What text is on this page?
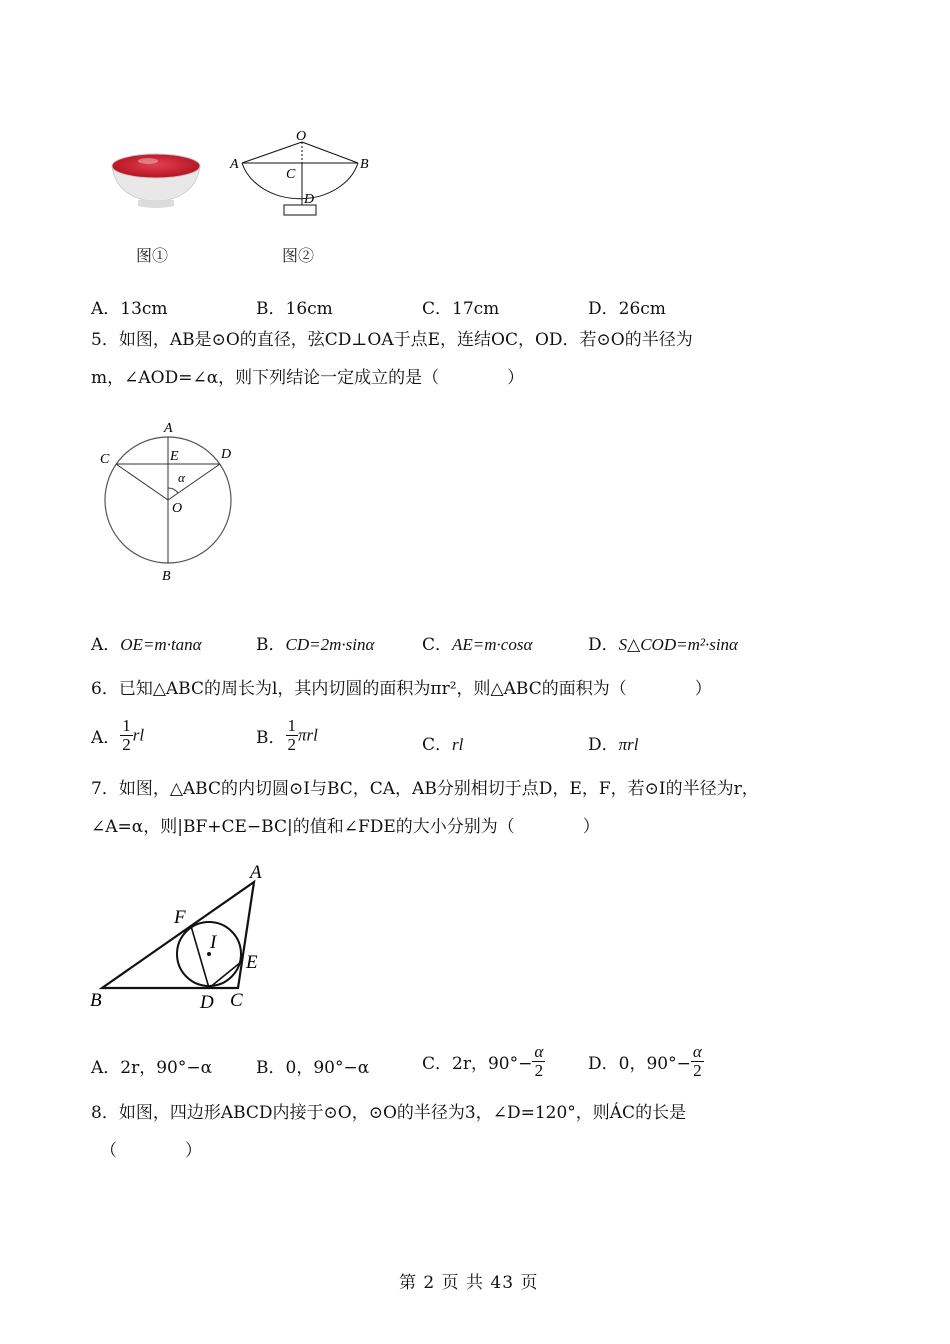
图①
O
A	B
C
D
图②
A．13cm	B．16cm	C．17cm	D．26cm
5．如图，AB是⊙O的直径，弦CD⊥OA于点E，连结OC，OD．若⊙O的半径为
m，∠AOD=∠α，则下列结论一定成立的是（　　　　）
A
C	E	D
α
O
B
A．OE=m·tanα	B．CD=2m·sinα	C．AE=m·cosα	D．S△COD=m²·sinα
6．已知△ABC的周长为l，其内切圆的面积为πr²，则△ABC的面积为（　　　　）
A． $\frac{1}{2}$ rl	B． $\frac{1}{2}$ πrl	C．rl	D．πrl
7．如图，△ABC的内切圆⊙I与BC，CA，AB分别相切于点D，E，F，若⊙I的半径为r，
∠A=α，则|BF+CE−BC|的值和∠FDE的大小分别为（　　　　）
A
F
I
E
B	D C
A．2r，90°−α	B．0，90°−α	C．2r，$90^\circ- \frac{\alpha}{2}$	D．0，$90^\circ- \frac{\alpha}{2}$
8．如图，四边形ABCD内接于⊙O，⊙O的半径为3，∠D=120°，则ÁC的长是
（　　　　）
第 2 页 共 43 页
